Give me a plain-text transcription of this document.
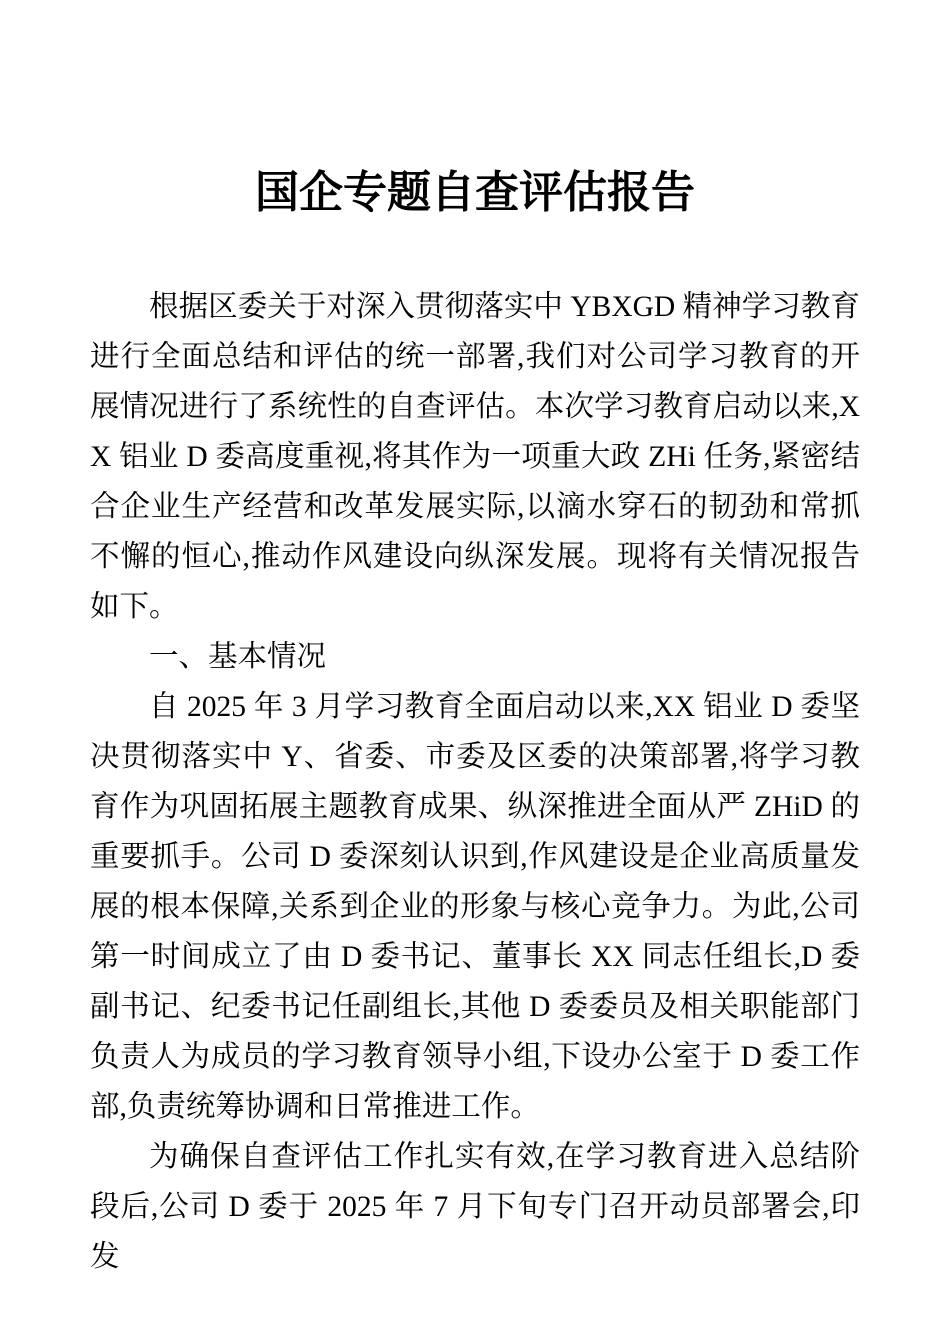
国企专题自查评估报告

根据区委关于对深入贯彻落实中 YBXGD 精神学习教育进行全面总结和评估的统一部署,我们对公司学习教育的开展情况进行了系统性的自查评估。本次学习教育启动以来,XX 铝业 D 委高度重视,将其作为一项重大政 ZHi 任务,紧密结合企业生产经营和改革发展实际,以滴水穿石的韧劲和常抓不懈的恒心,推动作风建设向纵深发展。现将有关情况报告如下。

一、基本情况

自 2025 年 3 月学习教育全面启动以来,XX 铝业 D 委坚决贯彻落实中 Y、省委、市委及区委的决策部署,将学习教育作为巩固拓展主题教育成果、纵深推进全面从严 ZHiD 的重要抓手。公司 D 委深刻认识到,作风建设是企业高质量发展的根本保障,关系到企业的形象与核心竞争力。为此,公司第一时间成立了由 D 委书记、董事长 XX 同志任组长,D 委副书记、纪委书记任副组长,其他 D 委委员及相关职能部门负责人为成员的学习教育领导小组,下设办公室于 D 委工作部,负责统筹协调和日常推进工作。

为确保自查评估工作扎实有效,在学习教育进入总结阶段后,公司 D 委于 2025 年 7 月下旬专门召开动员部署会,印发
